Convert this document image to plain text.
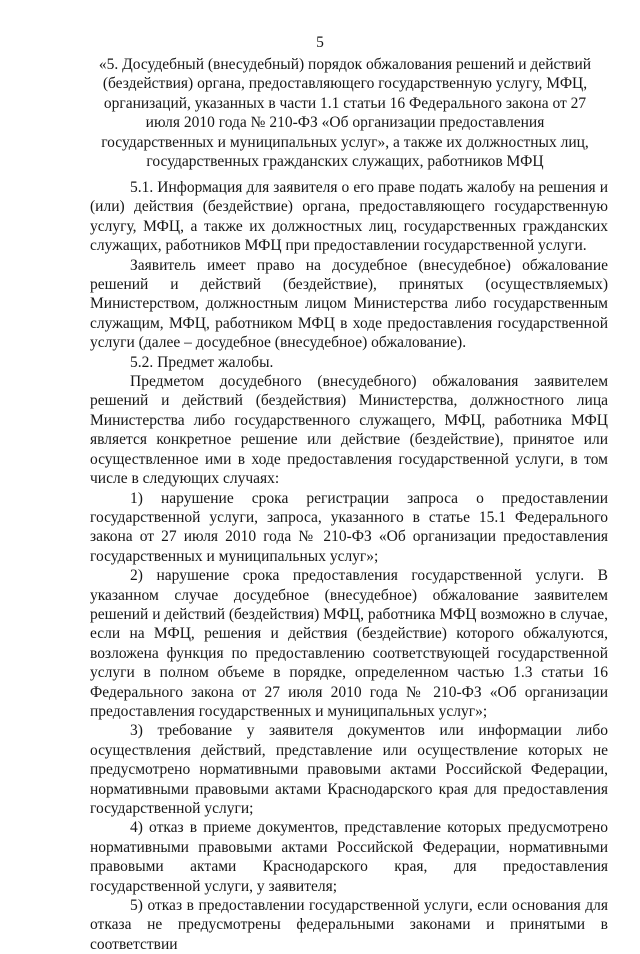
5
«5. Досудебный (внесудебный) порядок обжалования решений и действий (бездействия) органа, предоставляющего государственную услугу, МФЦ, организаций, указанных в части 1.1 статьи 16 Федерального закона от 27 июля 2010 года № 210-ФЗ «Об организации предоставления государственных и муниципальных услуг», а также их должностных лиц, государственных гражданских служащих, работников МФЦ

5.1. Информация для заявителя о его праве подать жалобу на решения и (или) действия (бездействие) органа, предоставляющего государственную услугу, МФЦ, а также их должностных лиц, государственных гражданских служащих, работников МФЦ при предоставлении государственной услуги.

Заявитель имеет право на досудебное (внесудебное) обжалование решений и действий (бездействие), принятых (осуществляемых) Министерством, должностным лицом Министерства либо государственным служащим, МФЦ, работником МФЦ в ходе предоставления государственной услуги (далее – досудебное (внесудебное) обжалование).

5.2. Предмет жалобы.

Предметом досудебного (внесудебного) обжалования заявителем решений и действий (бездействия) Министерства, должностного лица Министерства либо государственного служащего, МФЦ, работника МФЦ является конкретное решение или действие (бездействие), принятое или осуществленное ими в ходе предоставления государственной услуги, в том числе в следующих случаях:

1) нарушение срока регистрации запроса о предоставлении государственной услуги, запроса, указанного в статье 15.1 Федерального закона от 27 июля 2010 года № 210-ФЗ «Об организации предоставления государственных и муниципальных услуг»;

2) нарушение срока предоставления государственной услуги. В указанном случае досудебное (внесудебное) обжалование заявителем решений и действий (бездействия) МФЦ, работника МФЦ возможно в случае, если на МФЦ, решения и действия (бездействие) которого обжалуются, возложена функция по предоставлению соответствующей государственной услуги в полном объеме в порядке, определенном частью 1.3 статьи 16 Федерального закона от 27 июля 2010 года № 210-ФЗ «Об организации предоставления государственных и муниципальных услуг»;

3) требование у заявителя документов или информации либо осуществления действий, представление или осуществление которых не предусмотрено нормативными правовыми актами Российской Федерации, нормативными правовыми актами Краснодарского края для предоставления государственной услуги;

4) отказ в приеме документов, представление которых предусмотрено нормативными правовыми актами Российской Федерации, нормативными правовыми актами Краснодарского края, для предоставления государственной услуги, у заявителя;

5) отказ в предоставлении государственной услуги, если основания для отказа не предусмотрены федеральными законами и принятыми в соответствии
